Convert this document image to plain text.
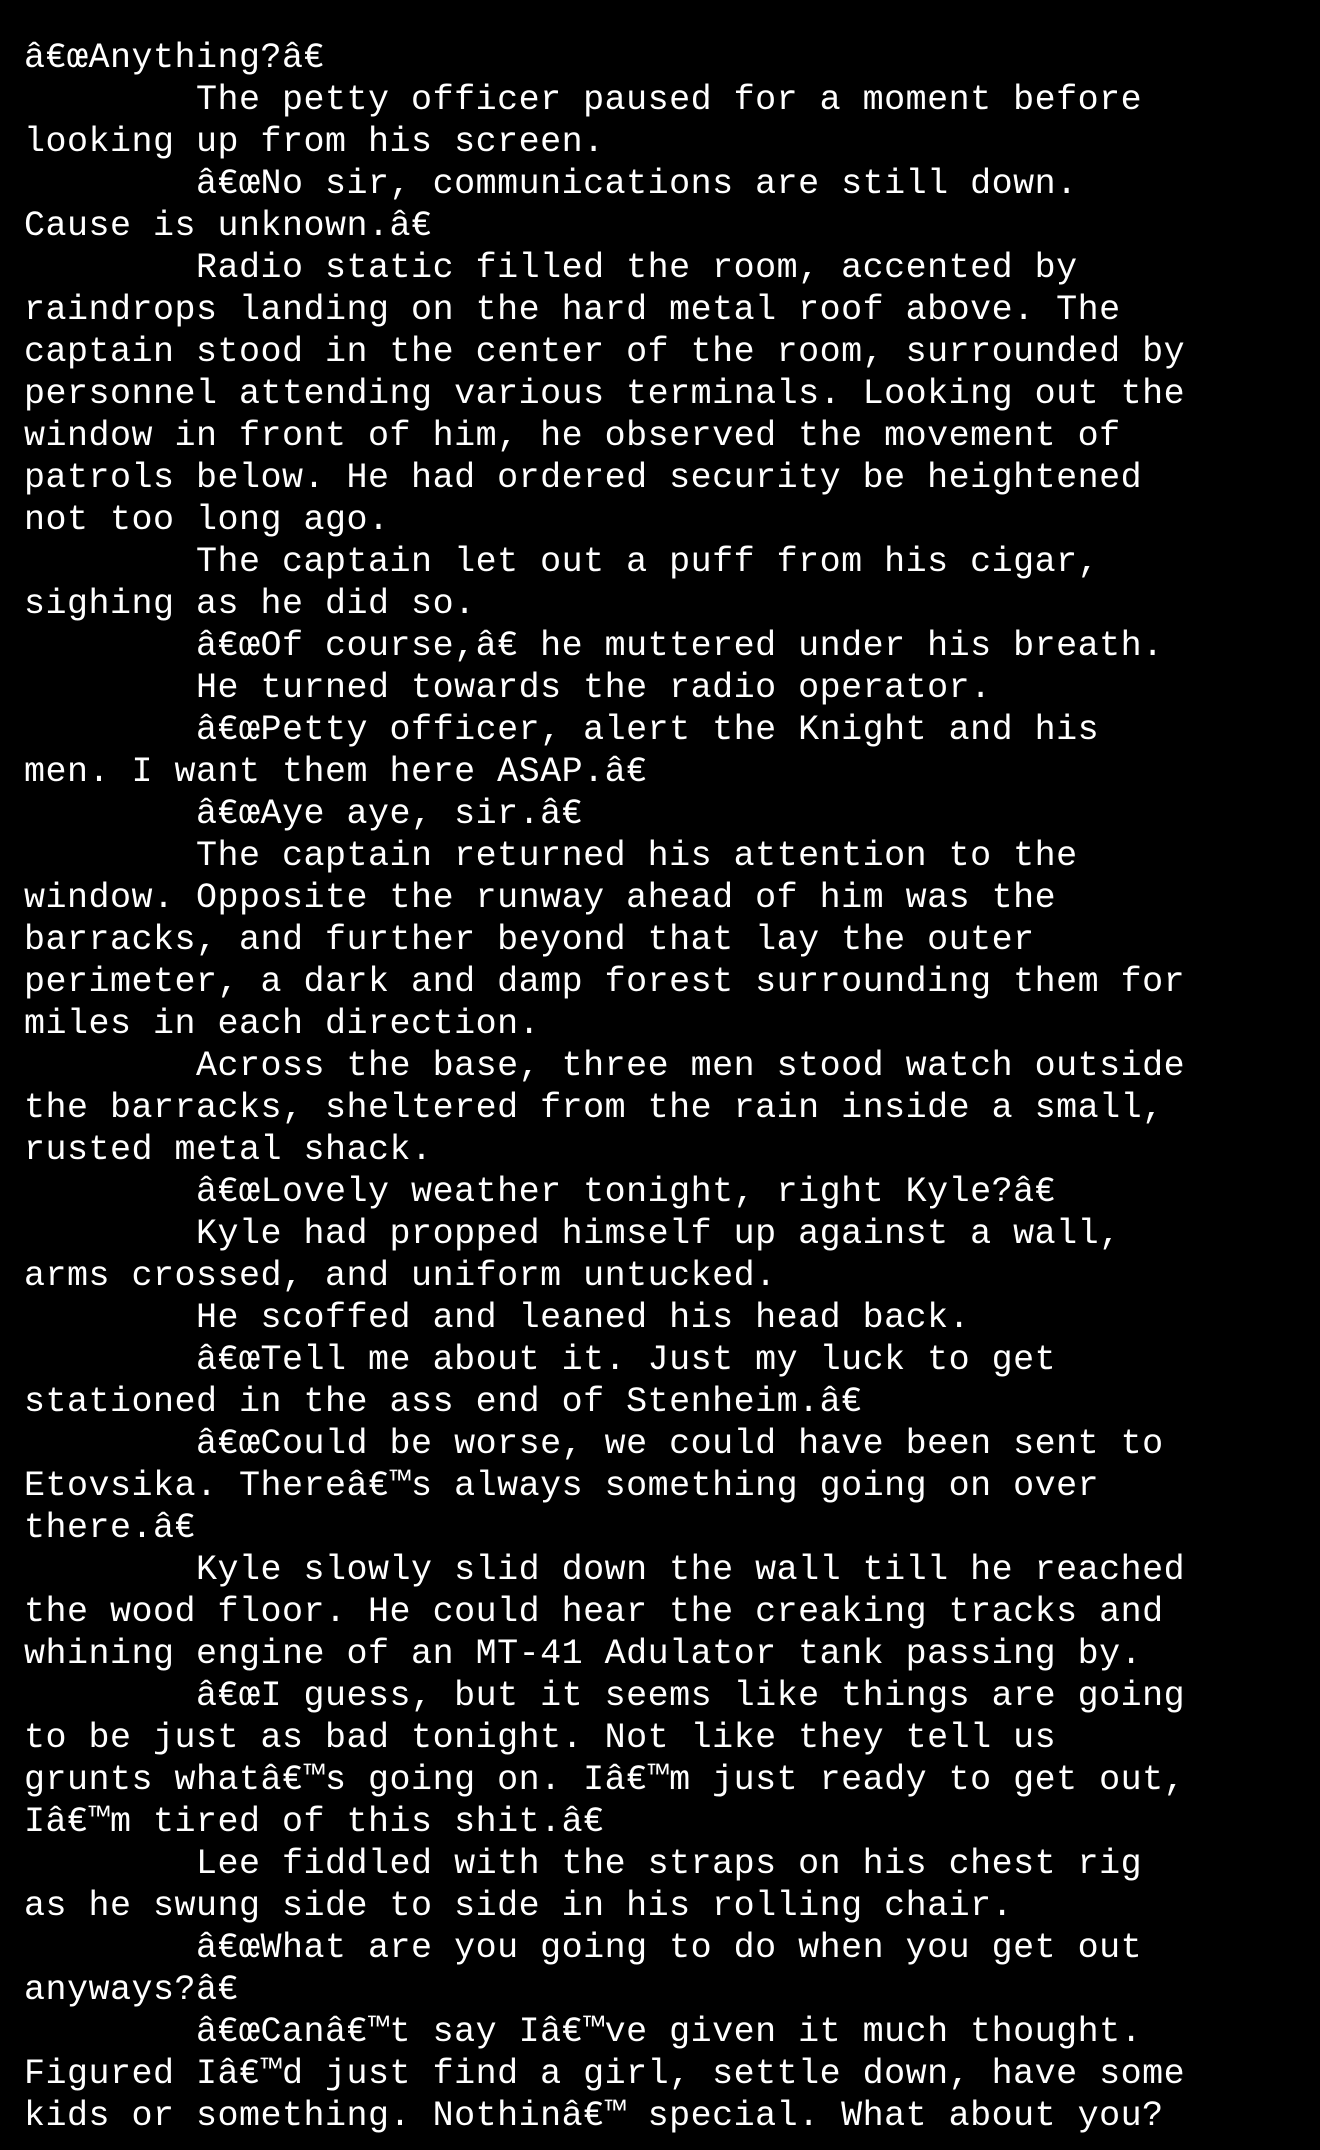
â€œAnything?â€
The petty officer paused for a moment before
looking up from his screen.
â€œNo sir, communications are still down.
Cause is unknown.â€
Radio static filled the room, accented by
raindrops landing on the hard metal roof above. The
captain stood in the center of the room, surrounded by
personnel attending various terminals. Looking out the
window in front of him, he observed the movement of
patrols below. He had ordered security be heightened
not too long ago.
The captain let out a puff from his cigar,
sighing as he did so.
â€œOf course,â€ he muttered under his breath.
He turned towards the radio operator.
â€œPetty officer, alert the Knight and his
men. I want them here ASAP.â€
â€œAye aye, sir.â€
The captain returned his attention to the
window. Opposite the runway ahead of him was the
barracks, and further beyond that lay the outer
perimeter, a dark and damp forest surrounding them for
miles in each direction.
Across the base, three men stood watch outside
the barracks, sheltered from the rain inside a small,
rusted metal shack.
â€œLovely weather tonight, right Kyle?â€
Kyle had propped himself up against a wall,
arms crossed, and uniform untucked.
He scoffed and leaned his head back.
â€œTell me about it. Just my luck to get
stationed in the ass end of Stenheim.â€
â€œCould be worse, we could have been sent to
Etovsika. Thereâ€™s always something going on over
there.â€
Kyle slowly slid down the wall till he reached
the wood floor. He could hear the creaking tracks and
whining engine of an MT-41 Adulator tank passing by.
â€œI guess, but it seems like things are going
to be just as bad tonight. Not like they tell us
grunts whatâ€™s going on. Iâ€™m just ready to get out,
Iâ€™m tired of this shit.â€
Lee fiddled with the straps on his chest rig
as he swung side to side in his rolling chair.
â€œWhat are you going to do when you get out
anyways?â€
â€œCanâ€™t say Iâ€™ve given it much thought.
Figured Iâ€™d just find a girl, settle down, have some
kids or something. Nothinâ€™ special. What about you?
